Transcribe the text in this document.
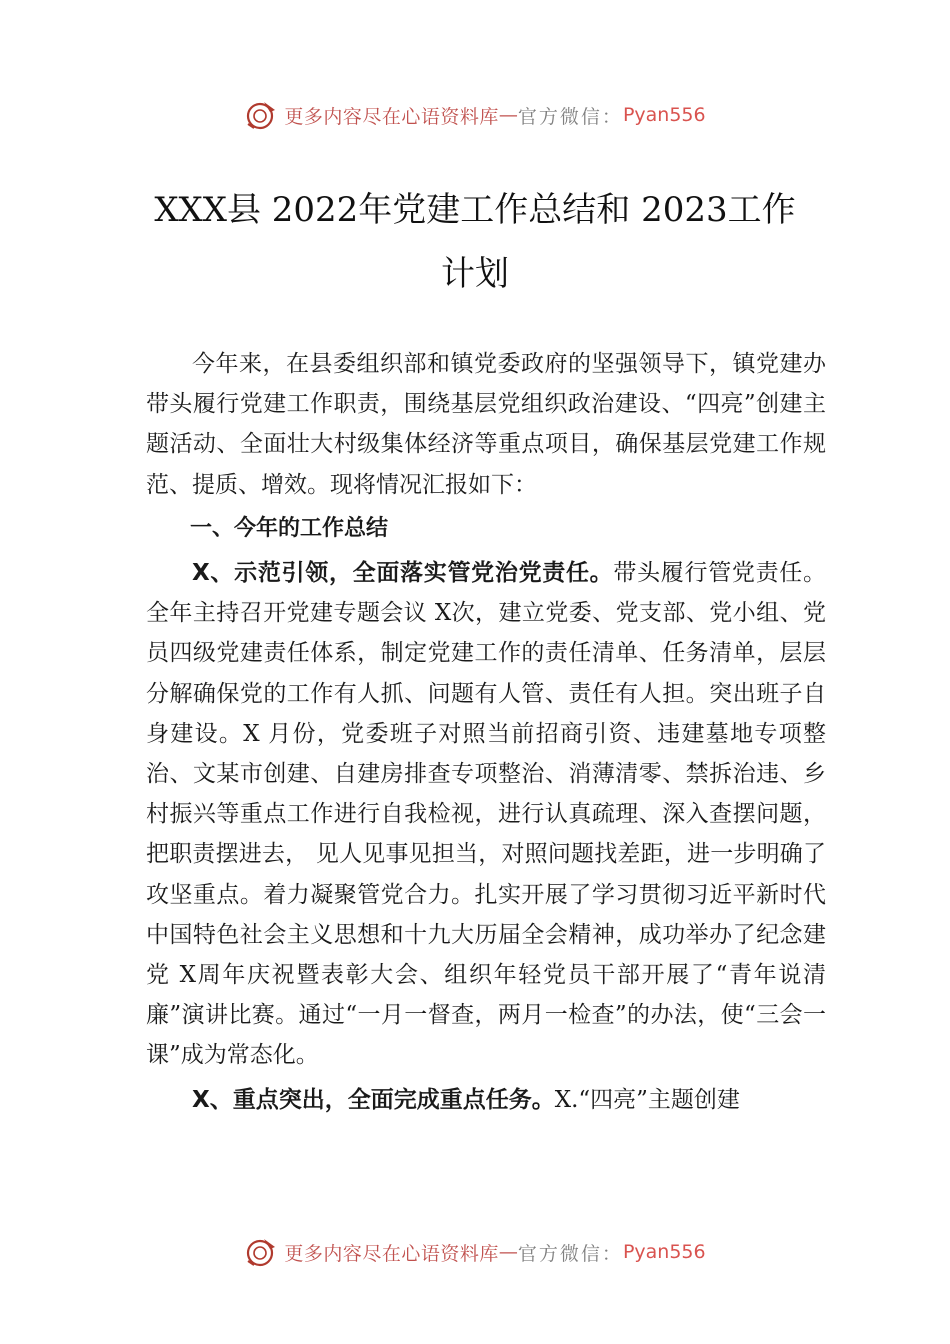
更多内容尽在心语资料库 — 官方微信： Pyan556
XXX县 2022年党建工作总结和 2023工作
计划

今年来，在县委组织部和镇党委政府的坚强领导下，镇党建办带头履行党建工作职责，围绕基层党组织政治建设、“四亮”创建主题活动、全面壮大村级集体经济等重点项目，确保基层党建工作规范、提质、增效。现将情况汇报如下：

一、今年的工作总结

X、示范引领，全面落实管党治党责任。带头履行管党责任。全年主持召开党建专题会议 X次，建立党委、党支部、党小组、党员四级党建责任体系，制定党建工作的责任清单、任务清单，层层分解确保党的工作有人抓、问题有人管、责任有人担。突出班子自身建设。X 月份，党委班子对照当前招商引资、违建墓地专项整治、文某市创建、自建房排查专项整治、消薄清零、禁拆治违、乡村振兴等重点工作进行自我检视，进行认真疏理、深入查摆问题，把职责摆进去， 见人见事见担当，对照问题找差距，进一步明确了攻坚重点。着力凝聚管党合力。扎实开展了学习贯彻习近平新时代中国特色社会主义思想和十九大历届全会精神，成功举办了纪念建党 X周年庆祝暨表彰大会、组织年轻党员干部开展了“青年说清廉”演讲比赛。通过“一月一督查，两月一检查”的办法，使“三会一课”成为常态化。

X、重点突出，全面完成重点任务。X.“四亮”主题创建

更多内容尽在心语资料库 — 官方微信： Pyan556
